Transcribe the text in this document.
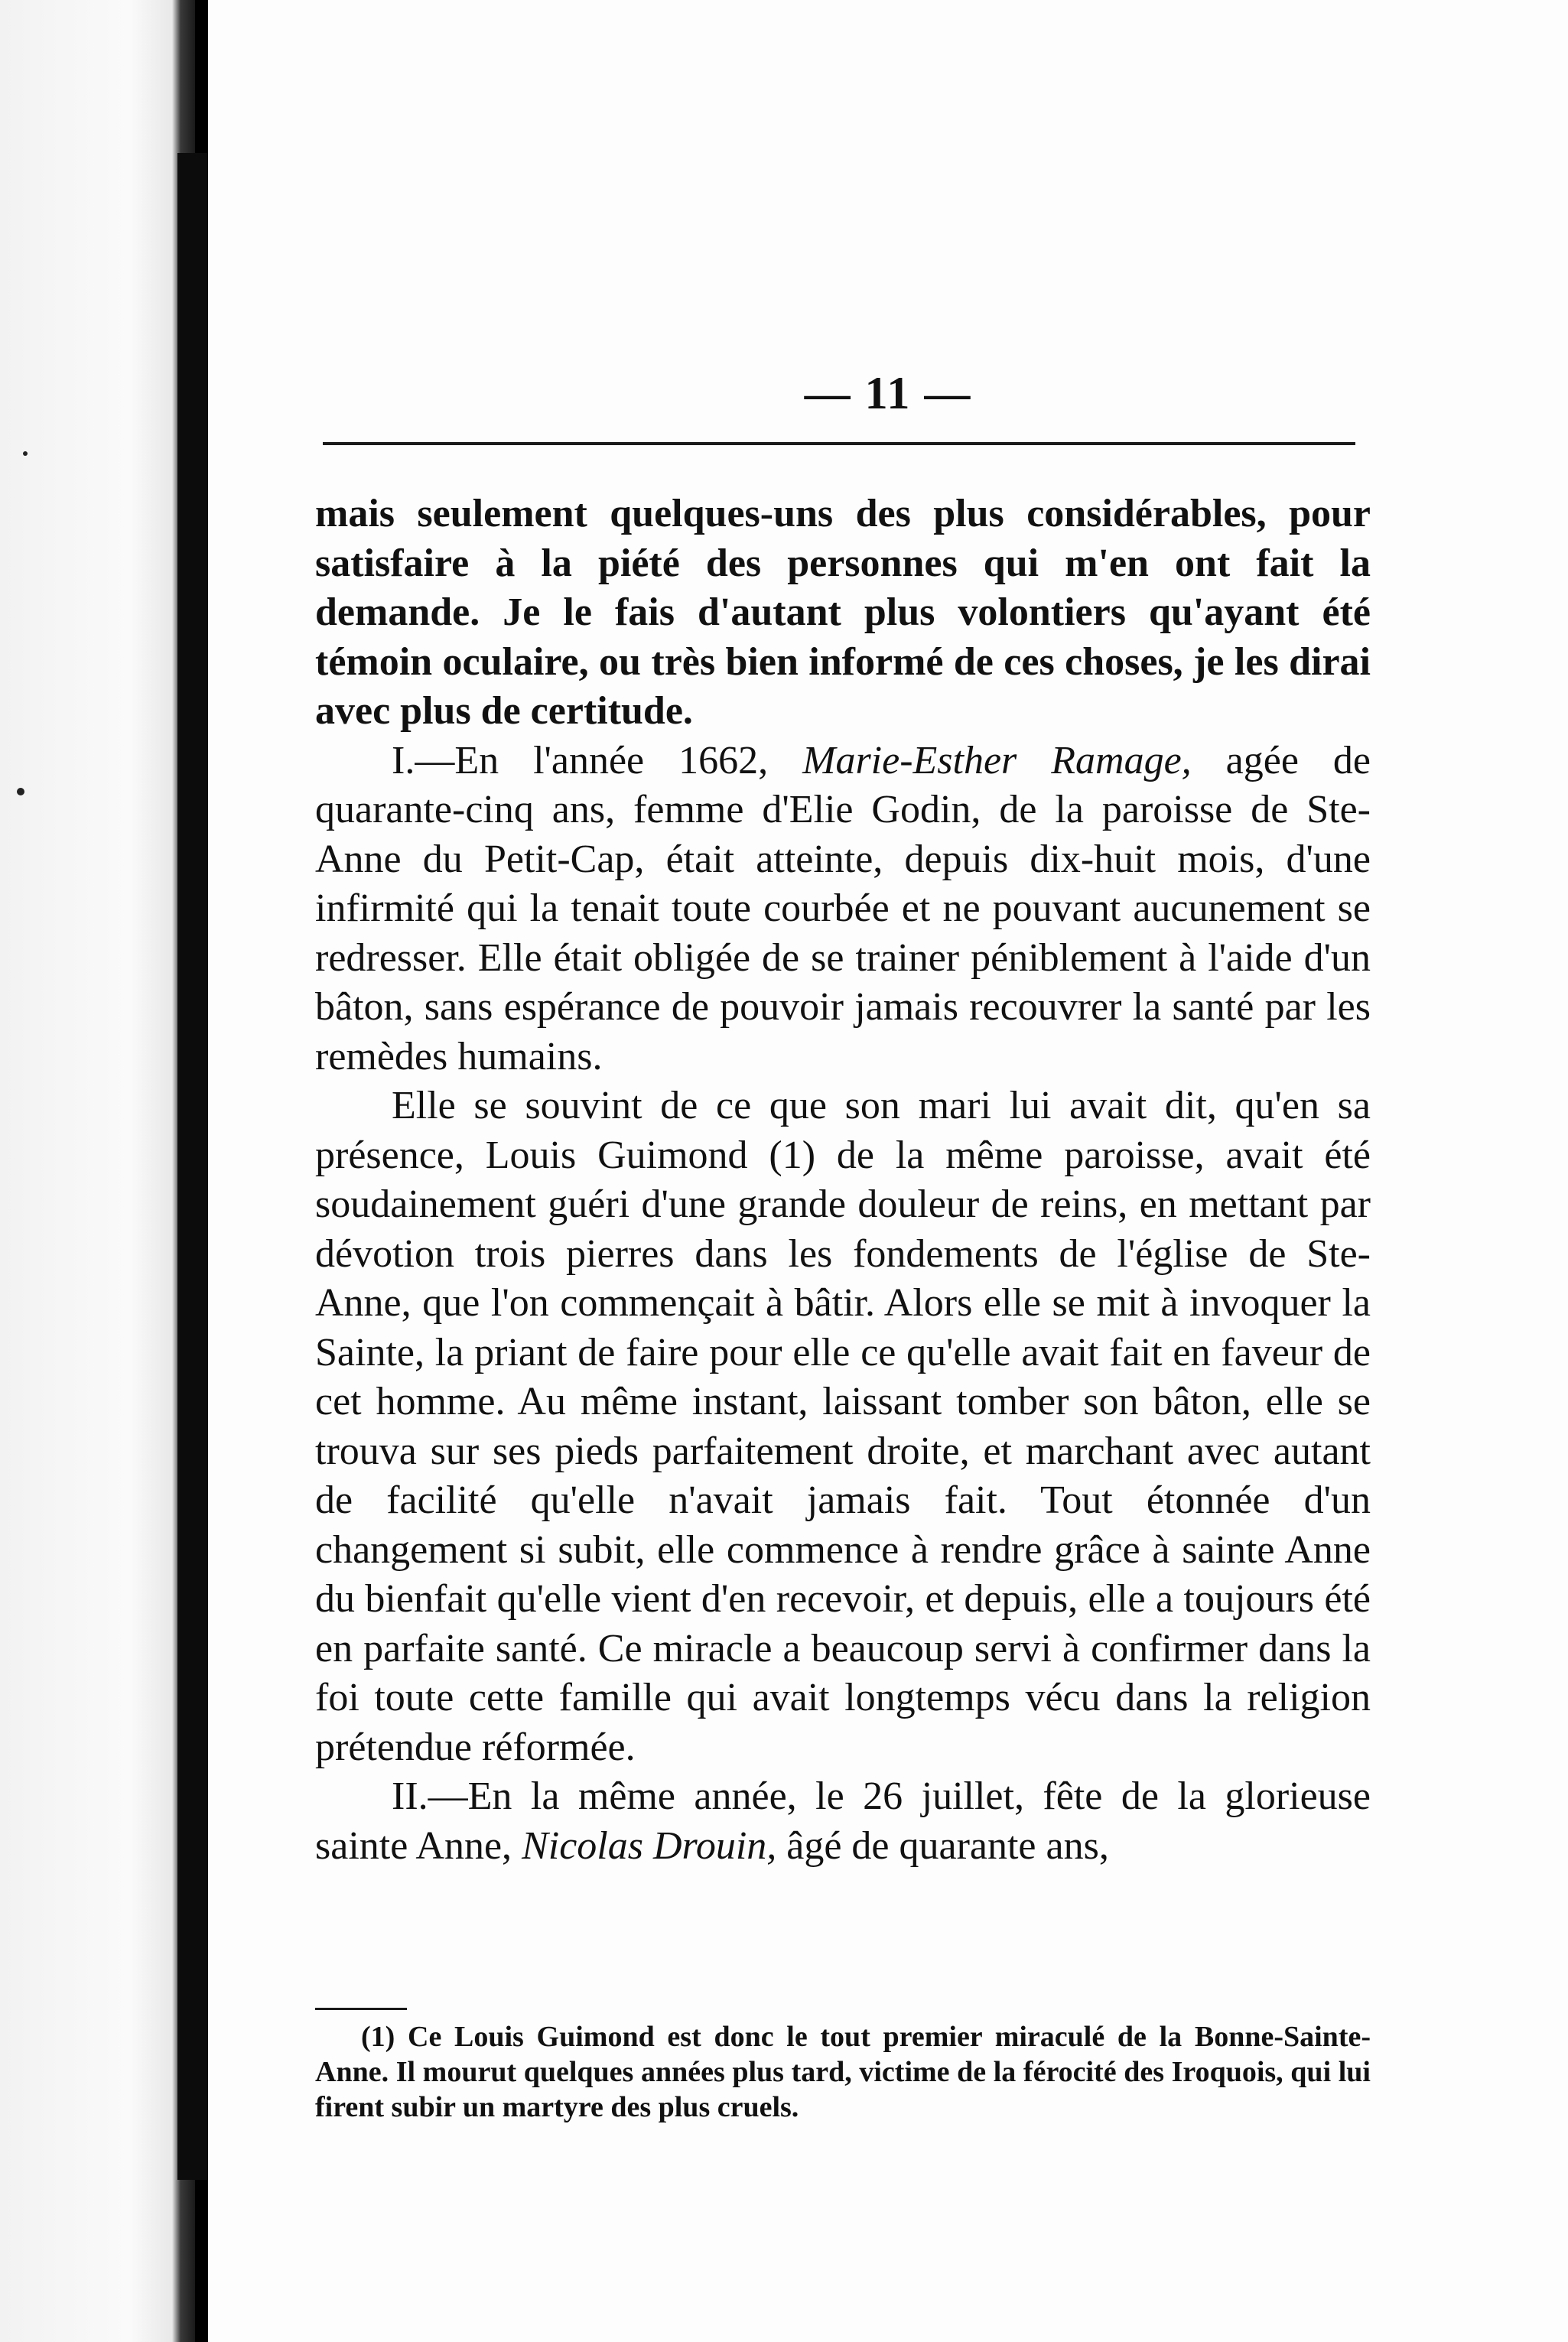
— 11 —

mais seulement quelques-uns des plus considérables, pour satisfaire à la piété des personnes qui m'en ont fait la demande. Je le fais d'autant plus volontiers qu'ayant été témoin oculaire, ou très bien informé de ces choses, je les dirai avec plus de certitude.

I.—En l'année 1662, Marie-Esther Ramage, agée de quarante-cinq ans, femme d'Elie Godin, de la paroisse de Ste-Anne du Petit-Cap, était atteinte, depuis dix-huit mois, d'une infirmité qui la tenait toute courbée et ne pouvant aucunement se redresser. Elle était obligée de se trainer péniblement à l'aide d'un bâton, sans espérance de pouvoir jamais recouvrer la santé par les remèdes humains.

Elle se souvint de ce que son mari lui avait dit, qu'en sa présence, Louis Guimond (1) de la même paroisse, avait été soudainement guéri d'une grande douleur de reins, en mettant par dévotion trois pierres dans les fondements de l'église de Ste-Anne, que l'on commençait à bâtir. Alors elle se mit à invoquer la Sainte, la priant de faire pour elle ce qu'elle avait fait en faveur de cet homme. Au même instant, laissant tomber son bâton, elle se trouva sur ses pieds parfaitement droite, et marchant avec autant de facilité qu'elle n'avait jamais fait. Tout étonnée d'un changement si subit, elle commence à rendre grâce à sainte Anne du bienfait qu'elle vient d'en recevoir, et depuis, elle a toujours été en parfaite santé. Ce miracle a beaucoup servi à confirmer dans la foi toute cette famille qui avait longtemps vécu dans la religion prétendue réformée.

II.—En la même année, le 26 juillet, fête de la glorieuse sainte Anne, Nicolas Drouin, âgé de quarante ans,

(1) Ce Louis Guimond est donc le tout premier miraculé de la Bonne-Sainte-Anne. Il mourut quelques années plus tard, victime de la férocité des Iroquois, qui lui firent subir un martyre des plus cruels.
